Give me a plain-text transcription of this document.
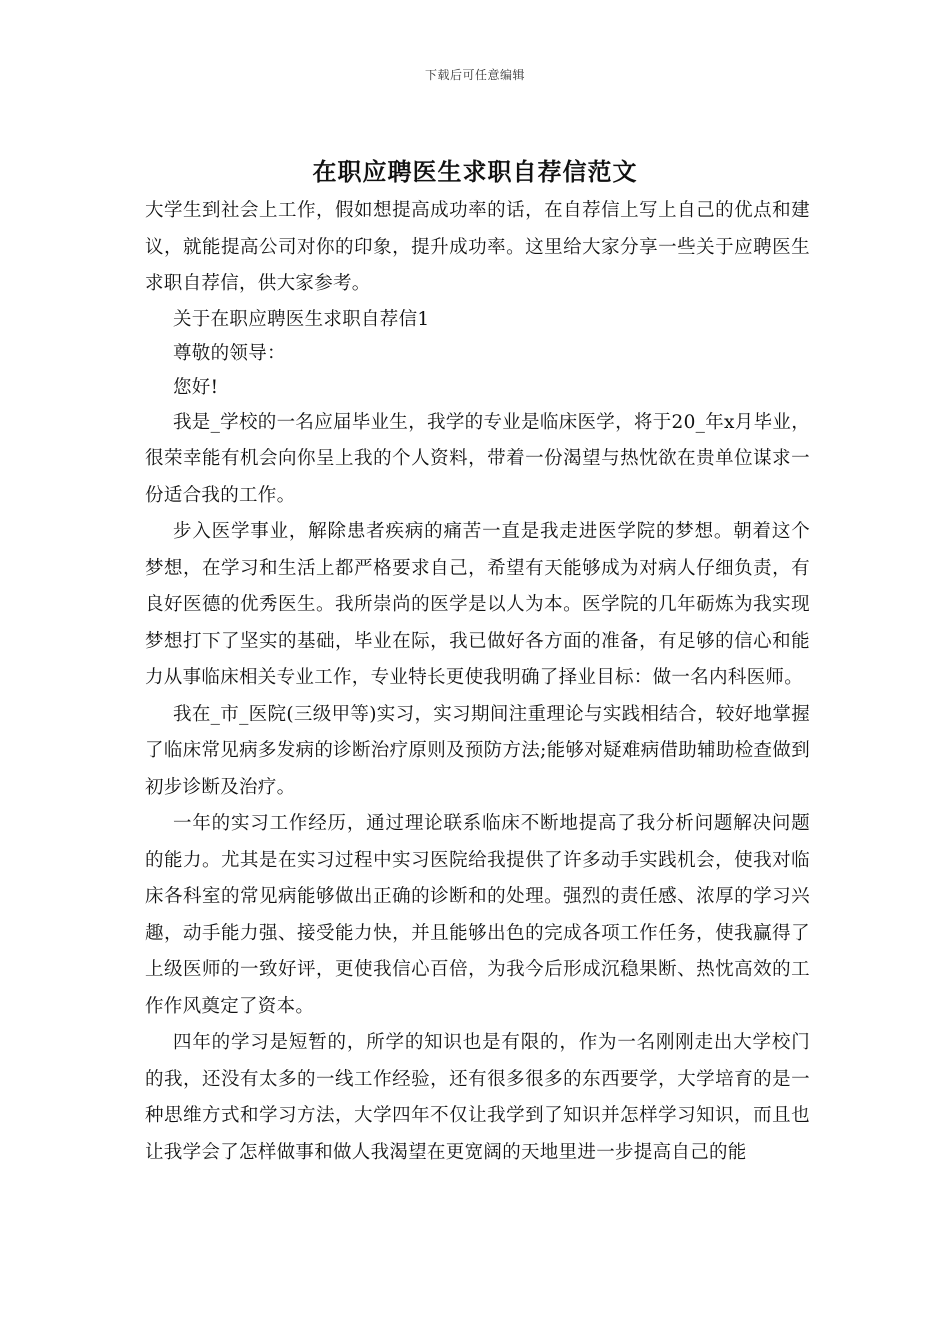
下载后可任意编辑
在职应聘医生求职自荐信范文

大学生到社会上工作，假如想提高成功率的话，在自荐信上写上自己的优点和建议，就能提高公司对你的印象，提升成功率。这里给大家分享一些关于应聘医生求职自荐信，供大家参考。

关于在职应聘医生求职自荐信1

尊敬的领导：

您好!

我是_学校的一名应届毕业生，我学的专业是临床医学，将于20_年x月毕业，很荣幸能有机会向你呈上我的个人资料，带着一份渴望与热忱欲在贵单位谋求一份适合我的工作。

步入医学事业，解除患者疾病的痛苦一直是我走进医学院的梦想。朝着这个梦想，在学习和生活上都严格要求自己，希望有天能够成为对病人仔细负责，有良好医德的优秀医生。我所崇尚的医学是以人为本。医学院的几年砺炼为我实现梦想打下了坚实的基础，毕业在际，我已做好各方面的准备，有足够的信心和能力从事临床相关专业工作，专业特长更使我明确了择业目标：做一名内科医师。

我在_市_医院(三级甲等)实习，实习期间注重理论与实践相结合，较好地掌握了临床常见病多发病的诊断治疗原则及预防方法;能够对疑难病借助辅助检查做到初步诊断及治疗。

一年的实习工作经历，通过理论联系临床不断地提高了我分析问题解决问题的能力。尤其是在实习过程中实习医院给我提供了许多动手实践机会，使我对临床各科室的常见病能够做出正确的诊断和的处理。强烈的责任感、浓厚的学习兴趣，动手能力强、接受能力快，并且能够出色的完成各项工作任务，使我赢得了上级医师的一致好评，更使我信心百倍，为我今后形成沉稳果断、热忱高效的工作作风奠定了资本。

四年的学习是短暂的，所学的知识也是有限的，作为一名刚刚走出大学校门的我，还没有太多的一线工作经验，还有很多很多的东西要学，大学培育的是一种思维方式和学习方法，大学四年不仅让我学到了知识并怎样学习知识，而且也让我学会了怎样做事和做人我渴望在更宽阔的天地里进一步提高自己的能
